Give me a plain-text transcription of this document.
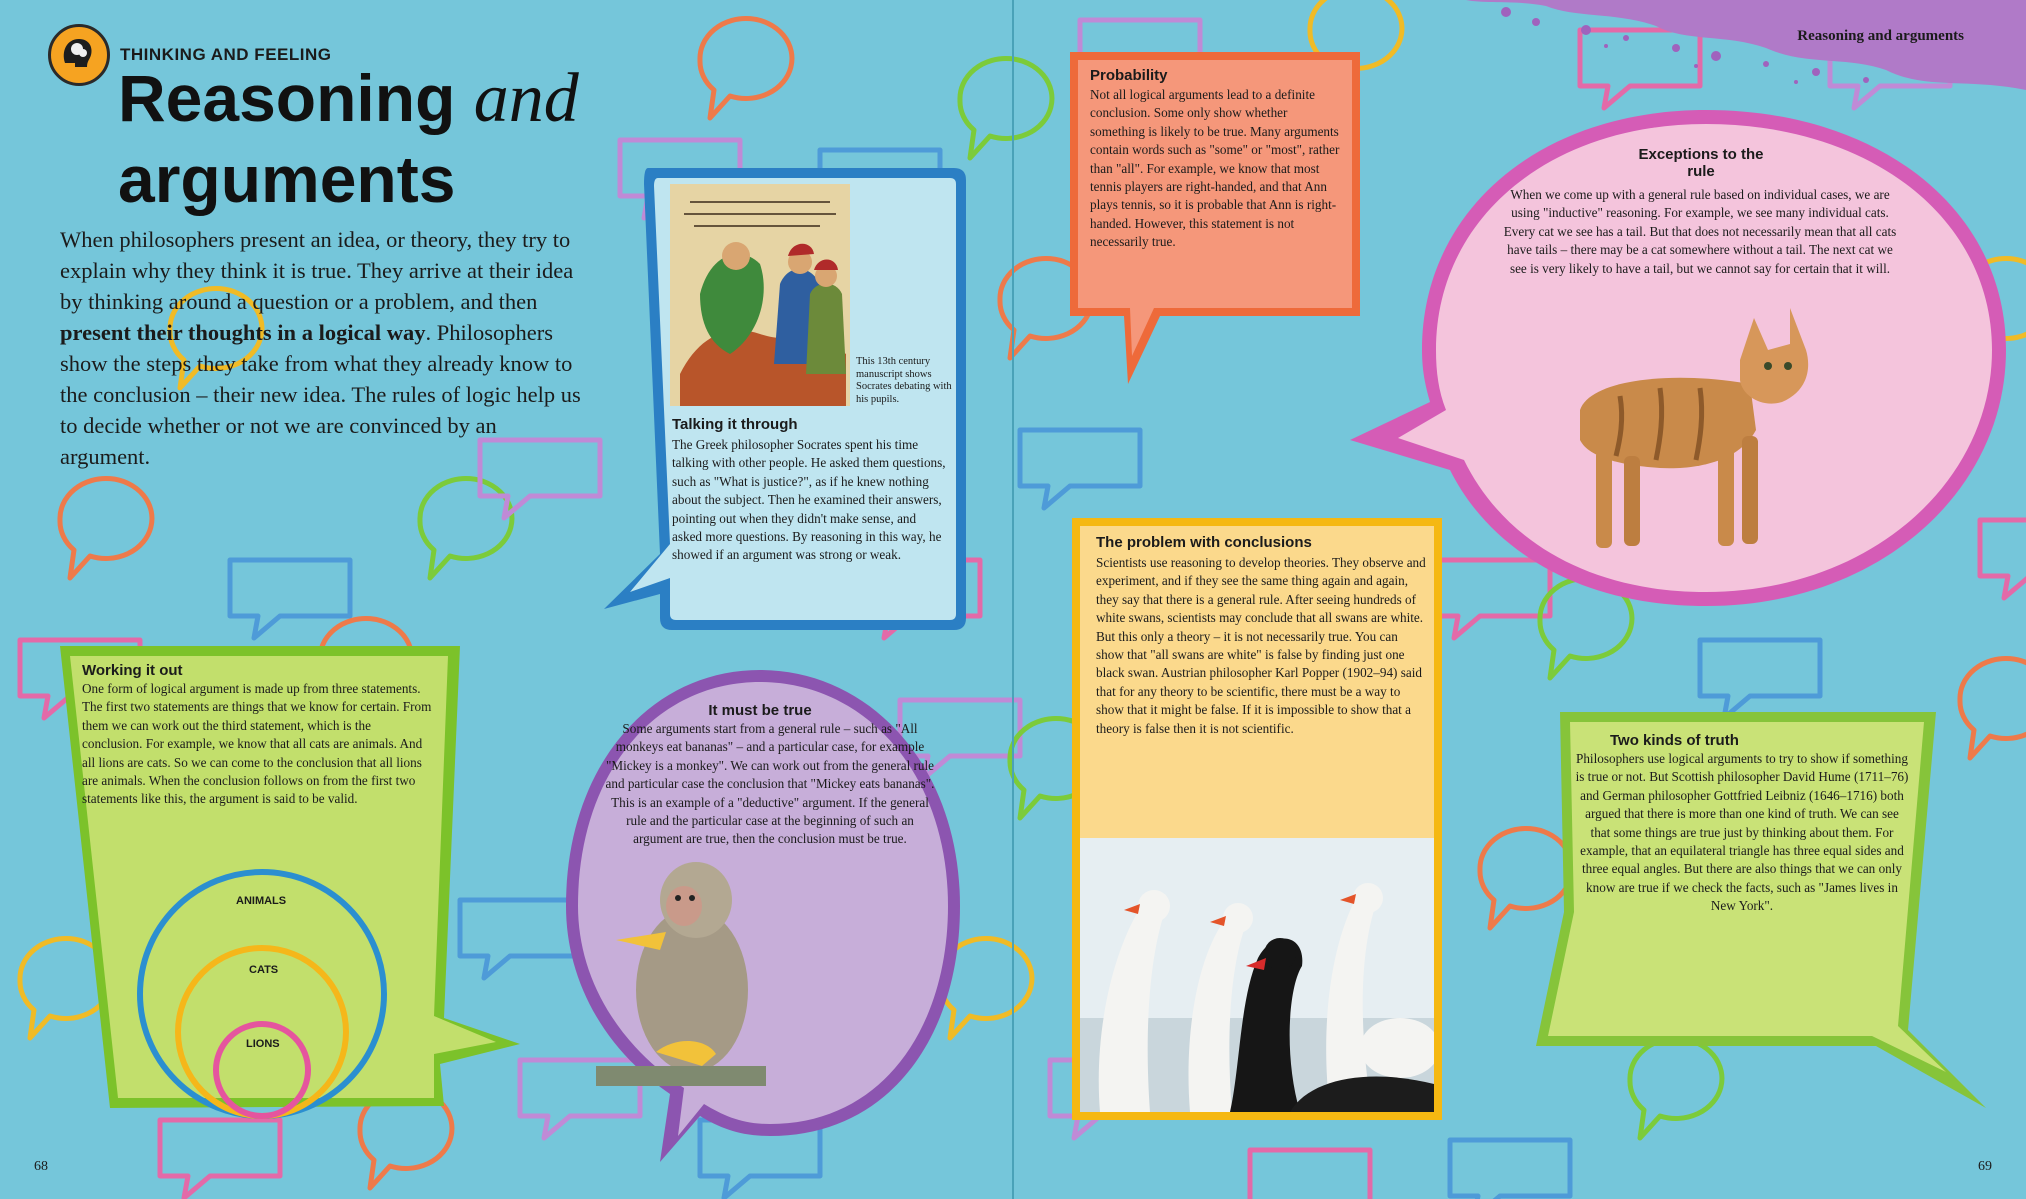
THINKING AND FEELING
Reasoning and arguments
Reasoning and
arguments

When philosophers present an idea, or theory, they try to explain why they think it is true. They arrive at their idea by thinking around a question or a problem, and then present their thoughts in a logical way. Philosophers show the steps they take from what they already know to the conclusion – their new idea. The rules of logic help us to decide whether or not we are convinced by an argument.

This 13th century manuscript shows Socrates debating with his pupils.
Talking it through
The Greek philosopher Socrates spent his time talking with other people. He asked them questions, such as "What is justice?", as if he knew nothing about the subject. Then he examined their answers, pointing out when they didn't make sense, and asked more questions. By reasoning in this way, he showed if an argument was strong or weak.
Working it out
One form of logical argument is made up from three statements. The first two statements are things that we know for certain. From them we can work out the third statement, which is the conclusion. For example, we know that all cats are animals. And all lions are cats. So we can come to the conclusion that all lions are animals. When the conclusion follows on from the first two statements like this, the argument is said to be valid.
ANIMALS
CATS
LIONS
It must be true
Some arguments start from a general rule – such as "All monkeys eat bananas" – and a particular case, for example "Mickey is a monkey". We can work out from the general rule and particular case the conclusion that "Mickey eats bananas". This is an example of a "deductive" argument. If the general rule and the particular case at the beginning of such an argument are true, then the conclusion must be true.
Probability
Not all logical arguments lead to a definite conclusion. Some only show whether something is likely to be true. Many arguments contain words such as "some" or "most", rather than "all". For example, we know that most tennis players are right-handed, and that Ann plays tennis, so it is probable that Ann is right-handed. However, this statement is not necessarily true.
Exceptions to the rule
When we come up with a general rule based on individual cases, we are using "inductive" reasoning. For example, we see many individual cats. Every cat we see has a tail. But that does not necessarily mean that all cats have tails – there may be a cat somewhere without a tail. The next cat we see is very likely to have a tail, but we cannot say for certain that it will.
The problem with conclusions
Scientists use reasoning to develop theories. They observe and experiment, and if they see the same thing again and again, they say that there is a general rule. After seeing hundreds of white swans, scientists may conclude that all swans are white. But this only a theory – it is not necessarily true. You can show that "all swans are white" is false by finding just one black swan. Austrian philosopher Karl Popper (1902–94) said that for any theory to be scientific, there must be a way to show that it might be false. If it is impossible to show that a theory is false then it is not scientific.
Two kinds of truth
Philosophers use logical arguments to try to show if something is true or not. But Scottish philosopher David Hume (1711–76) and German philosopher Gottfried Leibniz (1646–1716) both argued that there is more than one kind of truth. We can see that some things are true just by thinking about them. For example, that an equilateral triangle has three equal sides and three equal angles. But there are also things that we can only know are true if we check the facts, such as "James lives in New York".
68	69
